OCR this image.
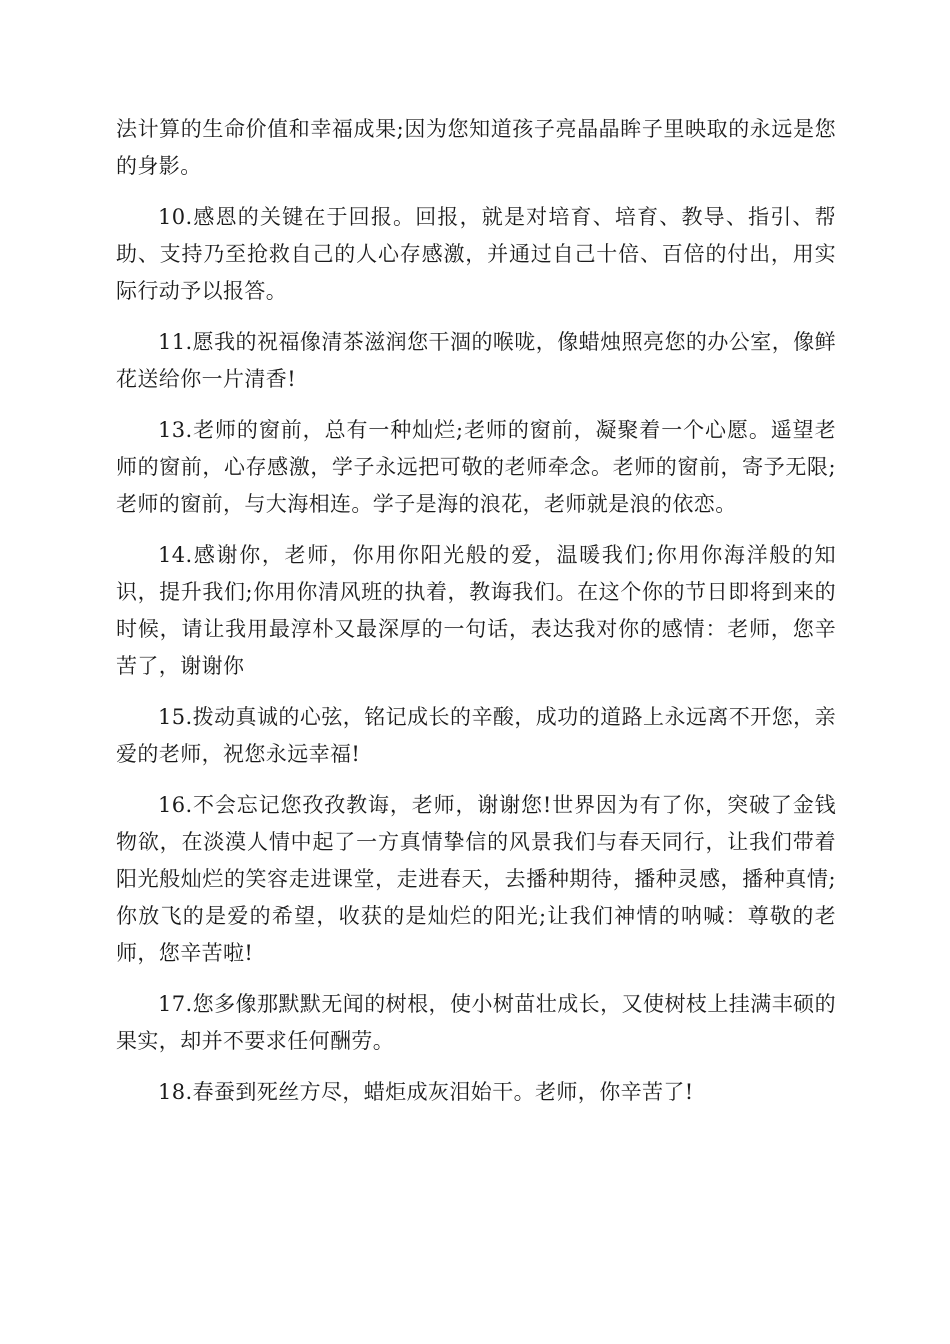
法计算的生命价值和幸福成果;因为您知道孩子亮晶晶眸子里映取的永远是您的身影。

10.感恩的关键在于回报。回报，就是对培育、培育、教导、指引、帮助、支持乃至抢救自己的人心存感激，并通过自己十倍、百倍的付出，用实际行动予以报答。

11.愿我的祝福像清茶滋润您干涸的喉咙，像蜡烛照亮您的办公室，像鲜花送给你一片清香!

13.老师的窗前，总有一种灿烂;老师的窗前，凝聚着一个心愿。遥望老师的窗前，心存感激，学子永远把可敬的老师牵念。老师的窗前，寄予无限;老师的窗前，与大海相连。学子是海的浪花，老师就是浪的依恋。

14.感谢你，老师，你用你阳光般的爱，温暖我们;你用你海洋般的知识，提升我们;你用你清风班的执着，教诲我们。在这个你的节日即将到来的时候，请让我用最淳朴又最深厚的一句话，表达我对你的感情：老师，您辛苦了，谢谢你

15.拨动真诚的心弦，铭记成长的辛酸，成功的道路上永远离不开您，亲爱的老师，祝您永远幸福!

16.不会忘记您孜孜教诲，老师，谢谢您!世界因为有了你，突破了金钱物欲，在淡漠人情中起了一方真情挚信的风景我们与春天同行，让我们带着阳光般灿烂的笑容走进课堂，走进春天，去播种期待，播种灵感，播种真情;你放飞的是爱的希望，收获的是灿烂的阳光;让我们神情的呐喊：尊敬的老师，您辛苦啦!

17.您多像那默默无闻的树根，使小树苗壮成长，又使树枝上挂满丰硕的果实，却并不要求任何酬劳。

18.春蚕到死丝方尽，蜡炬成灰泪始干。老师，你辛苦了!
